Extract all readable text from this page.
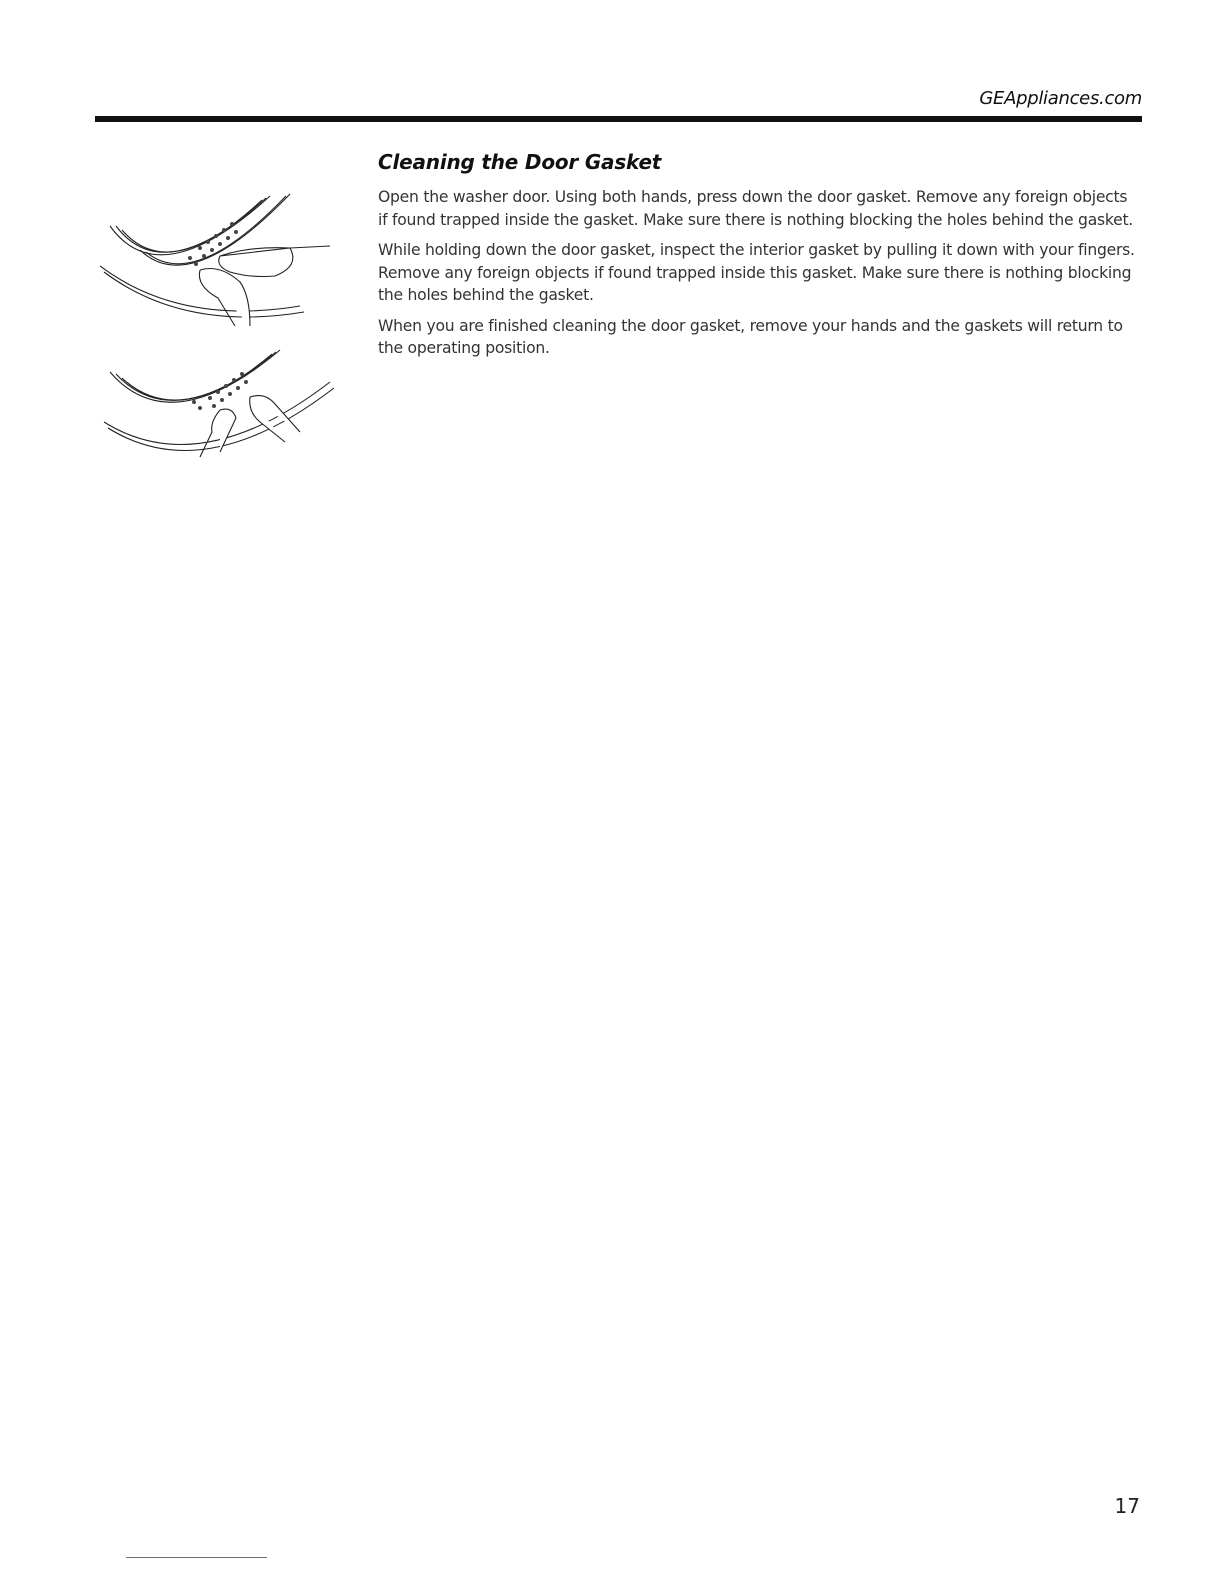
GEAppliances.com
Cleaning the Door Gasket

Open the washer door. Using both hands, press down the door gasket. Remove any foreign objects if found trapped inside the gasket. Make sure there is nothing blocking the holes behind the gasket.

While holding down the door gasket, inspect the interior gasket by pulling it down with your fingers. Remove any foreign objects if found trapped inside this gasket. Make sure there is nothing blocking the holes behind the gasket.

When you are finished cleaning the door gasket, remove your hands and the gaskets will return to the operating position.

17
